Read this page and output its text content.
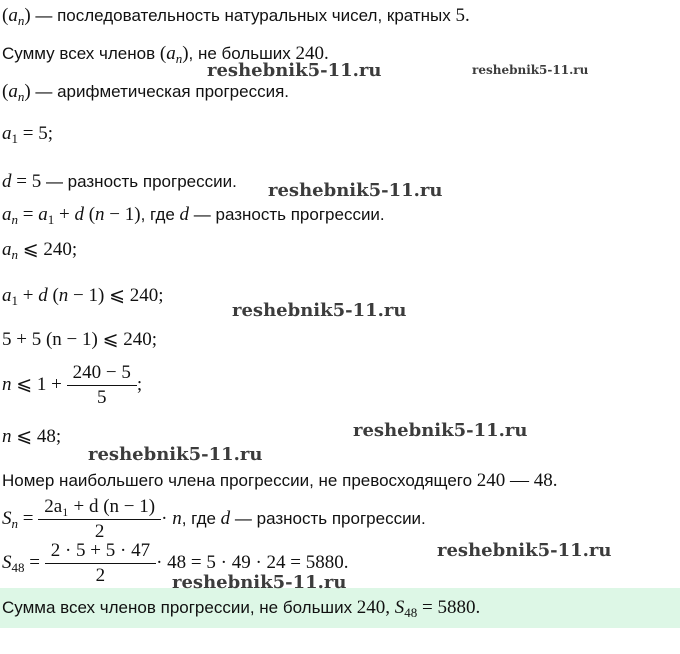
$(a_n)$ — последовательность натуральных чисел, кратных 5.
Сумму всех членов $(a_n)$, не больших 240.
$(a_n)$ — арифметическая прогрессия.
$a_1 = 5$;
d = 5 — разность прогрессии.
$a_n = a_1 + d$ (n − 1), где d — разность прогрессии.
$a_n$ ⩽ 240;
$a_1 + d$ (n − 1) ⩽ 240;
5 + 5 (n − 1) ⩽ 240;
n ⩽ $1 + \frac{240 - 5}{5}$ ;
n ⩽ 48;
Номер наибольшего члена прогрессии, не превосходящего 240 — 48.
$S_n = \frac{\text{2a₁ + d (n − 1)}}{2} \cdot n$, где d — разность прогрессии.
$S_{48} = \frac{2 \cdot 5 + 5 \cdot 47}{2} \cdot 48 = 5 \cdot 49 \cdot 24 = 5880$.
Сумма всех членов прогрессии, не больших 240, $S_{48} = 5880$.
reshebnik5-11.ru	reshebnik5-11.ru
reshebnik5-11.ru
reshebnik5-11.ru
reshebnik5-11.ru
reshebnik5-11.ru
reshebnik5-11.ru
reshebnik5-11.ru
